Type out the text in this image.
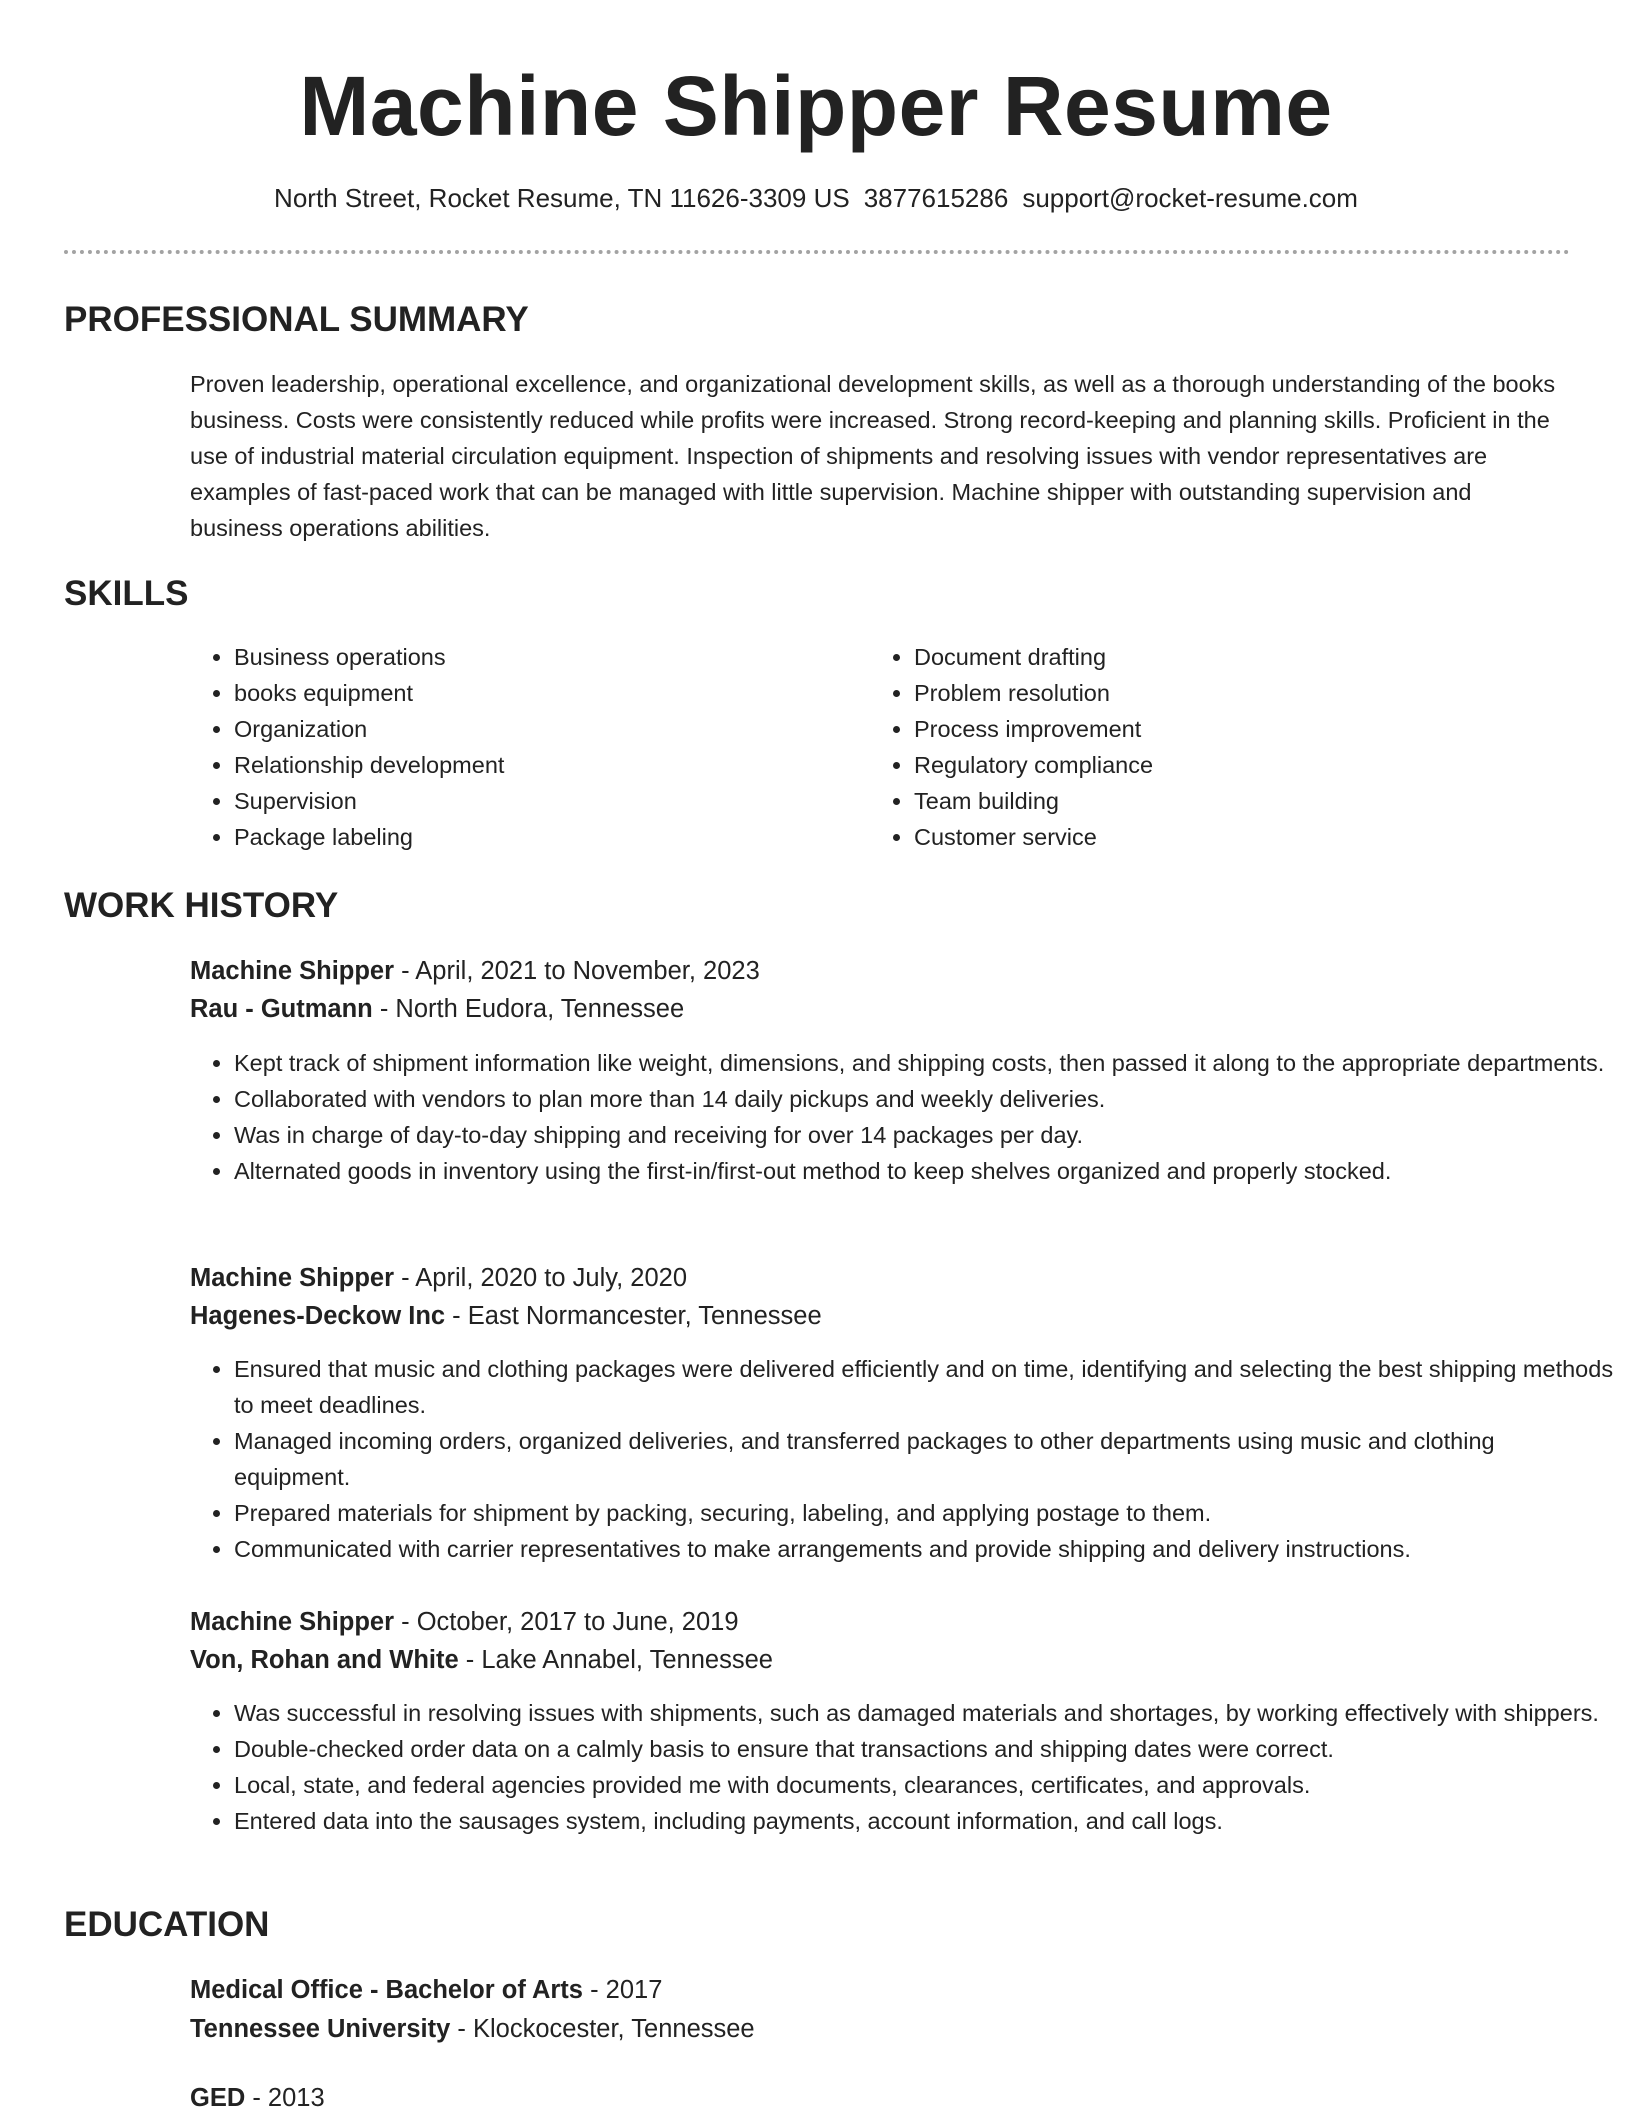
Machine Shipper Resume
North Street, Rocket Resume, TN 11626-3309 US 3877615286 support@rocket-resume.com
PROFESSIONAL SUMMARY

Proven leadership, operational excellence, and organizational development skills, as well as a thorough understanding of the books business. Costs were consistently reduced while profits were increased. Strong record-keeping and planning skills. Proficient in the use of industrial material circulation equipment. Inspection of shipments and resolving issues with vendor representatives are examples of fast-paced work that can be managed with little supervision. Machine shipper with outstanding supervision and business operations abilities.

SKILLS
• Business operations
• books equipment
• Organization
• Relationship development
• Supervision
• Package labeling
• Document drafting
• Problem resolution
• Process improvement
• Regulatory compliance
• Team building
• Customer service
WORK HISTORY
Machine Shipper - April, 2021 to November, 2023
Rau - Gutmann - North Eudora, Tennessee
• Kept track of shipment information like weight, dimensions, and shipping costs, then passed it along to the appropriate departments.
• Collaborated with vendors to plan more than 14 daily pickups and weekly deliveries.
• Was in charge of day-to-day shipping and receiving for over 14 packages per day.
• Alternated goods in inventory using the first-in/first-out method to keep shelves organized and properly stocked.
Machine Shipper - April, 2020 to July, 2020
Hagenes-Deckow Inc - East Normancester, Tennessee
• Ensured that music and clothing packages were delivered efficiently and on time, identifying and selecting the best shipping methods to meet deadlines.
• Managed incoming orders, organized deliveries, and transferred packages to other departments using music and clothing equipment.
• Prepared materials for shipment by packing, securing, labeling, and applying postage to them.
• Communicated with carrier representatives to make arrangements and provide shipping and delivery instructions.
Machine Shipper - October, 2017 to June, 2019
Von, Rohan and White - Lake Annabel, Tennessee
• Was successful in resolving issues with shipments, such as damaged materials and shortages, by working effectively with shippers.
• Double-checked order data on a calmly basis to ensure that transactions and shipping dates were correct.
• Local, state, and federal agencies provided me with documents, clearances, certificates, and approvals.
• Entered data into the sausages system, including payments, account information, and call logs.
EDUCATION
Medical Office - Bachelor of Arts - 2017
Tennessee University - Klockocester, Tennessee
GED - 2013
